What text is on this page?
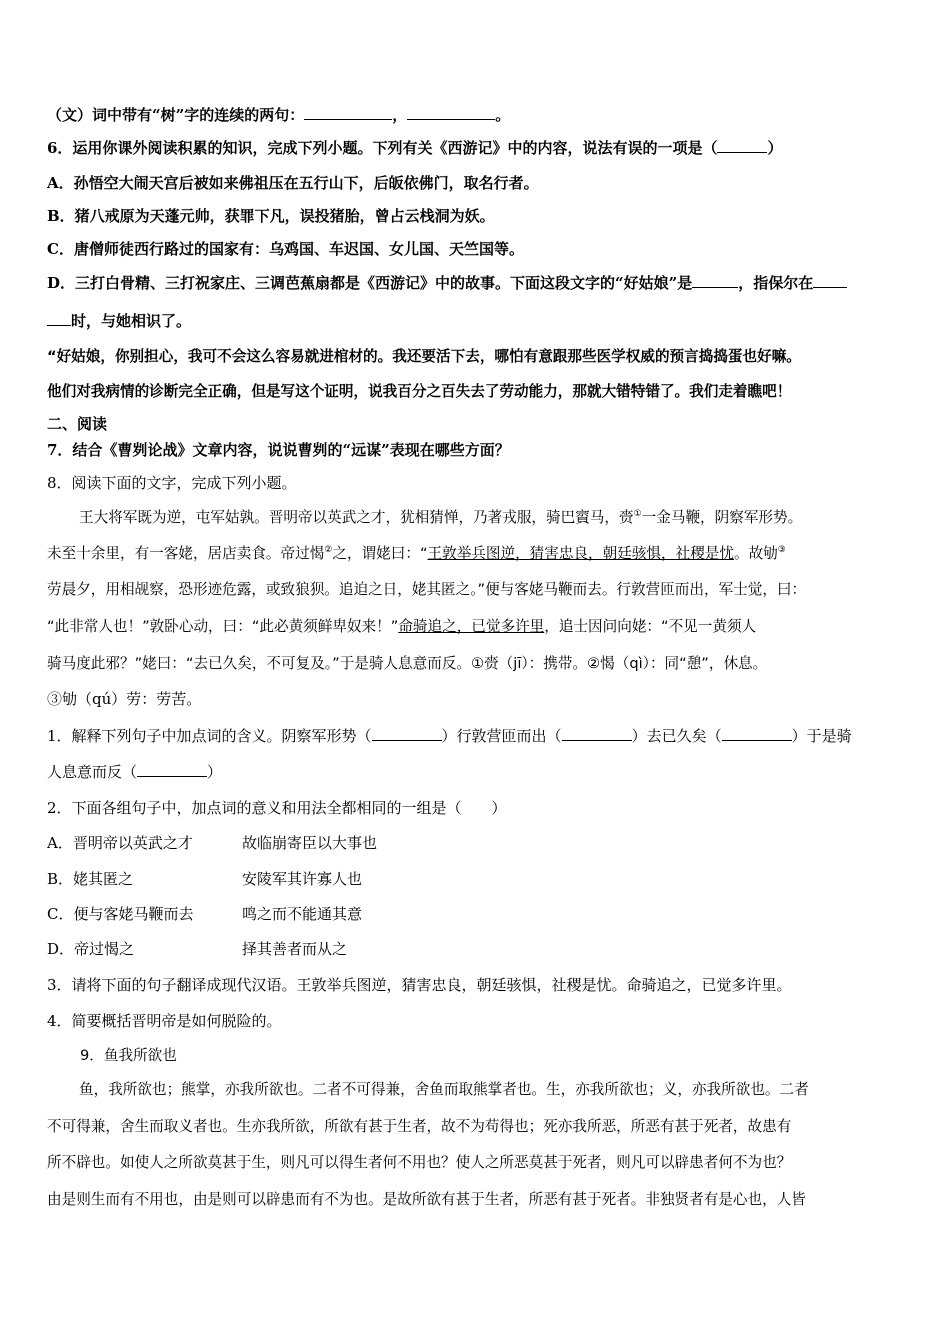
（文）词中带有“树”字的连续的两句：	，	。
6．运用你课外阅读积累的知识，完成下列小题。下列有关《西游记》中的内容，说法有误的一项是（	）
A．孙悟空大闹天宫后被如来佛祖压在五行山下，后皈依佛门，取名行者。
B．猪八戒原为天蓬元帅，获罪下凡，误投猪胎，曾占云栈洞为妖。
C．唐僧师徒西行路过的国家有：乌鸡国、车迟国、女儿国、天竺国等。
D．三打白骨精、三打祝家庄、三调芭蕉扇都是《西游记》中的故事。下面这段文字的“好姑娘”是	，指保尔在
时，与她相识了。
“好姑娘，你别担心，我可不会这么容易就进棺材的。我还要活下去，哪怕有意跟那些医学权威的预言捣捣蛋也好嘛。
他们对我病情的诊断完全正确，但是写这个证明，说我百分之百失去了劳动能力，那就大错特错了。我们走着瞧吧！
二、阅读
7．结合《曹刿论战》文章内容，说说曹刿的“远谋”表现在哪些方面？
8．阅读下面的文字，完成下列小题。
王大将军既为逆，屯军姑孰。晋明帝以英武之才，犹相猜惮，乃著戎服，骑巴賨马，赍①一金马鞭，阴察军形势。
未至十余里，有一客姥，居店卖食。帝过愒②之，谓姥曰：“王敦举兵图逆，猜害忠良，朝廷骇惧，社稷是忧。故劬③
劳晨夕，用相觇察，恐形迹危露，或致狼狈。追迫之日，姥其匿之。”便与客姥马鞭而去。行敦营匝而出，军士觉，曰：
“此非常人也！”敦卧心动，曰：“此必黄须鲜卑奴来！”命骑追之，已觉多许里，追士因问向姥：“不见一黄须人
骑马度此邪？”姥曰：“去已久矣，不可复及。”于是骑人息意而反。①赍（jī）：携带。②愒（qì）：同“憩”，休息。
③劬（qú）劳：劳苦。
1．解释下列句子中加点词的含义。阴察军形势（	）行敦营匝而出（	）去已久矣（	）于是骑
人息意而反（	）
2．下面各组句子中，加点词的意义和用法全都相同的一组是（　　）
A．晋明帝以英武之才	故临崩寄臣以大事也
B．姥其匿之	安陵军其许寡人也
C．便与客姥马鞭而去	鸣之而不能通其意
D．帝过愒之	择其善者而从之
3．请将下面的句子翻译成现代汉语。王敦举兵图逆，猜害忠良，朝廷骇惧，社稷是忧。命骑追之，已觉多许里。
4．简要概括晋明帝是如何脱险的。
9．鱼我所欲也
鱼，我所欲也；熊掌，亦我所欲也。二者不可得兼，舍鱼而取熊掌者也。生，亦我所欲也；义，亦我所欲也。二者
不可得兼，舍生而取义者也。生亦我所欲，所欲有甚于生者，故不为苟得也；死亦我所恶，所恶有甚于死者，故患有
所不辟也。如使人之所欲莫甚于生，则凡可以得生者何不用也？使人之所恶莫甚于死者，则凡可以辟患者何不为也？
由是则生而有不用也，由是则可以辟患而有不为也。是故所欲有甚于生者，所恶有甚于死者。非独贤者有是心也，人皆
